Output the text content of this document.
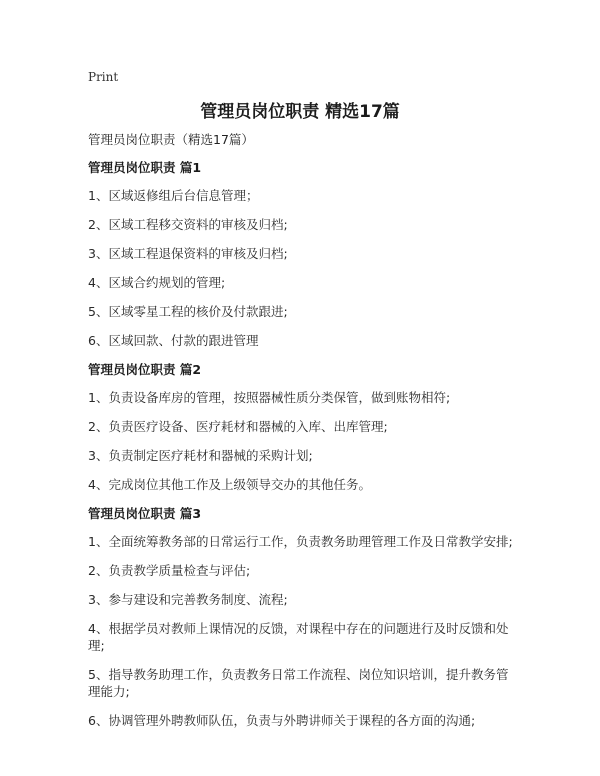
Print
管理员岗位职责 精选17篇

管理员岗位职责（精选17篇）

管理员岗位职责 篇1

1、区域返修组后台信息管理；

2、区域工程移交资料的审核及归档;

3、区域工程退保资料的审核及归档;

4、区域合约规划的管理;

5、区域零星工程的核价及付款跟进;

6、区域回款、付款的跟进管理

管理员岗位职责 篇2

1、负责设备库房的管理，按照器械性质分类保管，做到账物相符;

2、负责医疗设备、医疗耗材和器械的入库、出库管理;

3、负责制定医疗耗材和器械的采购计划;

4、完成岗位其他工作及上级领导交办的其他任务。

管理员岗位职责 篇3

1、全面统筹教务部的日常运行工作，负责教务助理管理工作及日常教学安排;

2、负责教学质量检查与评估;

3、参与建设和完善教务制度、流程;

4、根据学员对教师上课情况的反馈，对课程中存在的问题进行及时反馈和处理;

5、指导教务助理工作，负责教务日常工作流程、岗位知识培训，提升教务管理能力;

6、协调管理外聘教师队伍，负责与外聘讲师关于课程的各方面的沟通;
